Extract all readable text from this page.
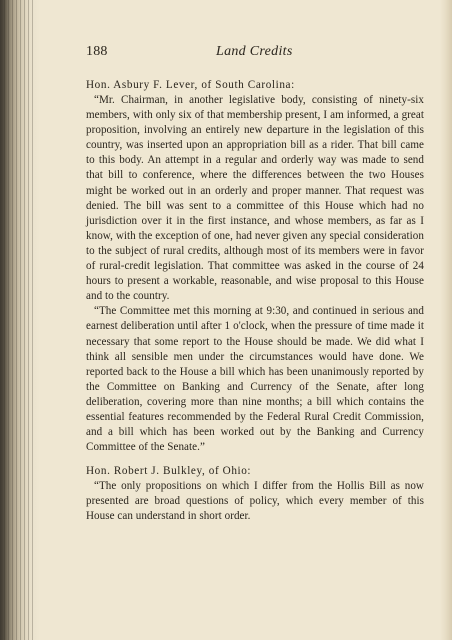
188	Land Credits

Hon. Asbury F. Lever, of South Carolina:

“Mr. Chairman, in another legislative body, consisting of ninety-six members, with only six of that membership present, I am informed, a great proposition, involving an entirely new departure in the legislation of this country, was inserted upon an appropriation bill as a rider. That bill came to this body. An attempt in a regular and orderly way was made to send that bill to conference, where the differences between the two Houses might be worked out in an orderly and proper manner. That request was denied. The bill was sent to a committee of this House which had no jurisdiction over it in the first instance, and whose members, as far as I know, with the exception of one, had never given any special consideration to the subject of rural credits, although most of its members were in favor of rural-credit legislation. That committee was asked in the course of 24 hours to present a workable, reasonable, and wise proposal to this House and to the country.

“The Committee met this morning at 9:30, and continued in serious and earnest deliberation until after 1 o'clock, when the pressure of time made it necessary that some report to the House should be made. We did what I think all sensible men under the circumstances would have done. We reported back to the House a bill which has been unanimously reported by the Committee on Banking and Currency of the Senate, after long deliberation, covering more than nine months; a bill which contains the essential features recommended by the Federal Rural Credit Commission, and a bill which has been worked out by the Banking and Currency Committee of the Senate.”

Hon. Robert J. Bulkley, of Ohio:

“The only propositions on which I differ from the Hollis Bill as now presented are broad questions of policy, which every member of this House can understand in short order.
